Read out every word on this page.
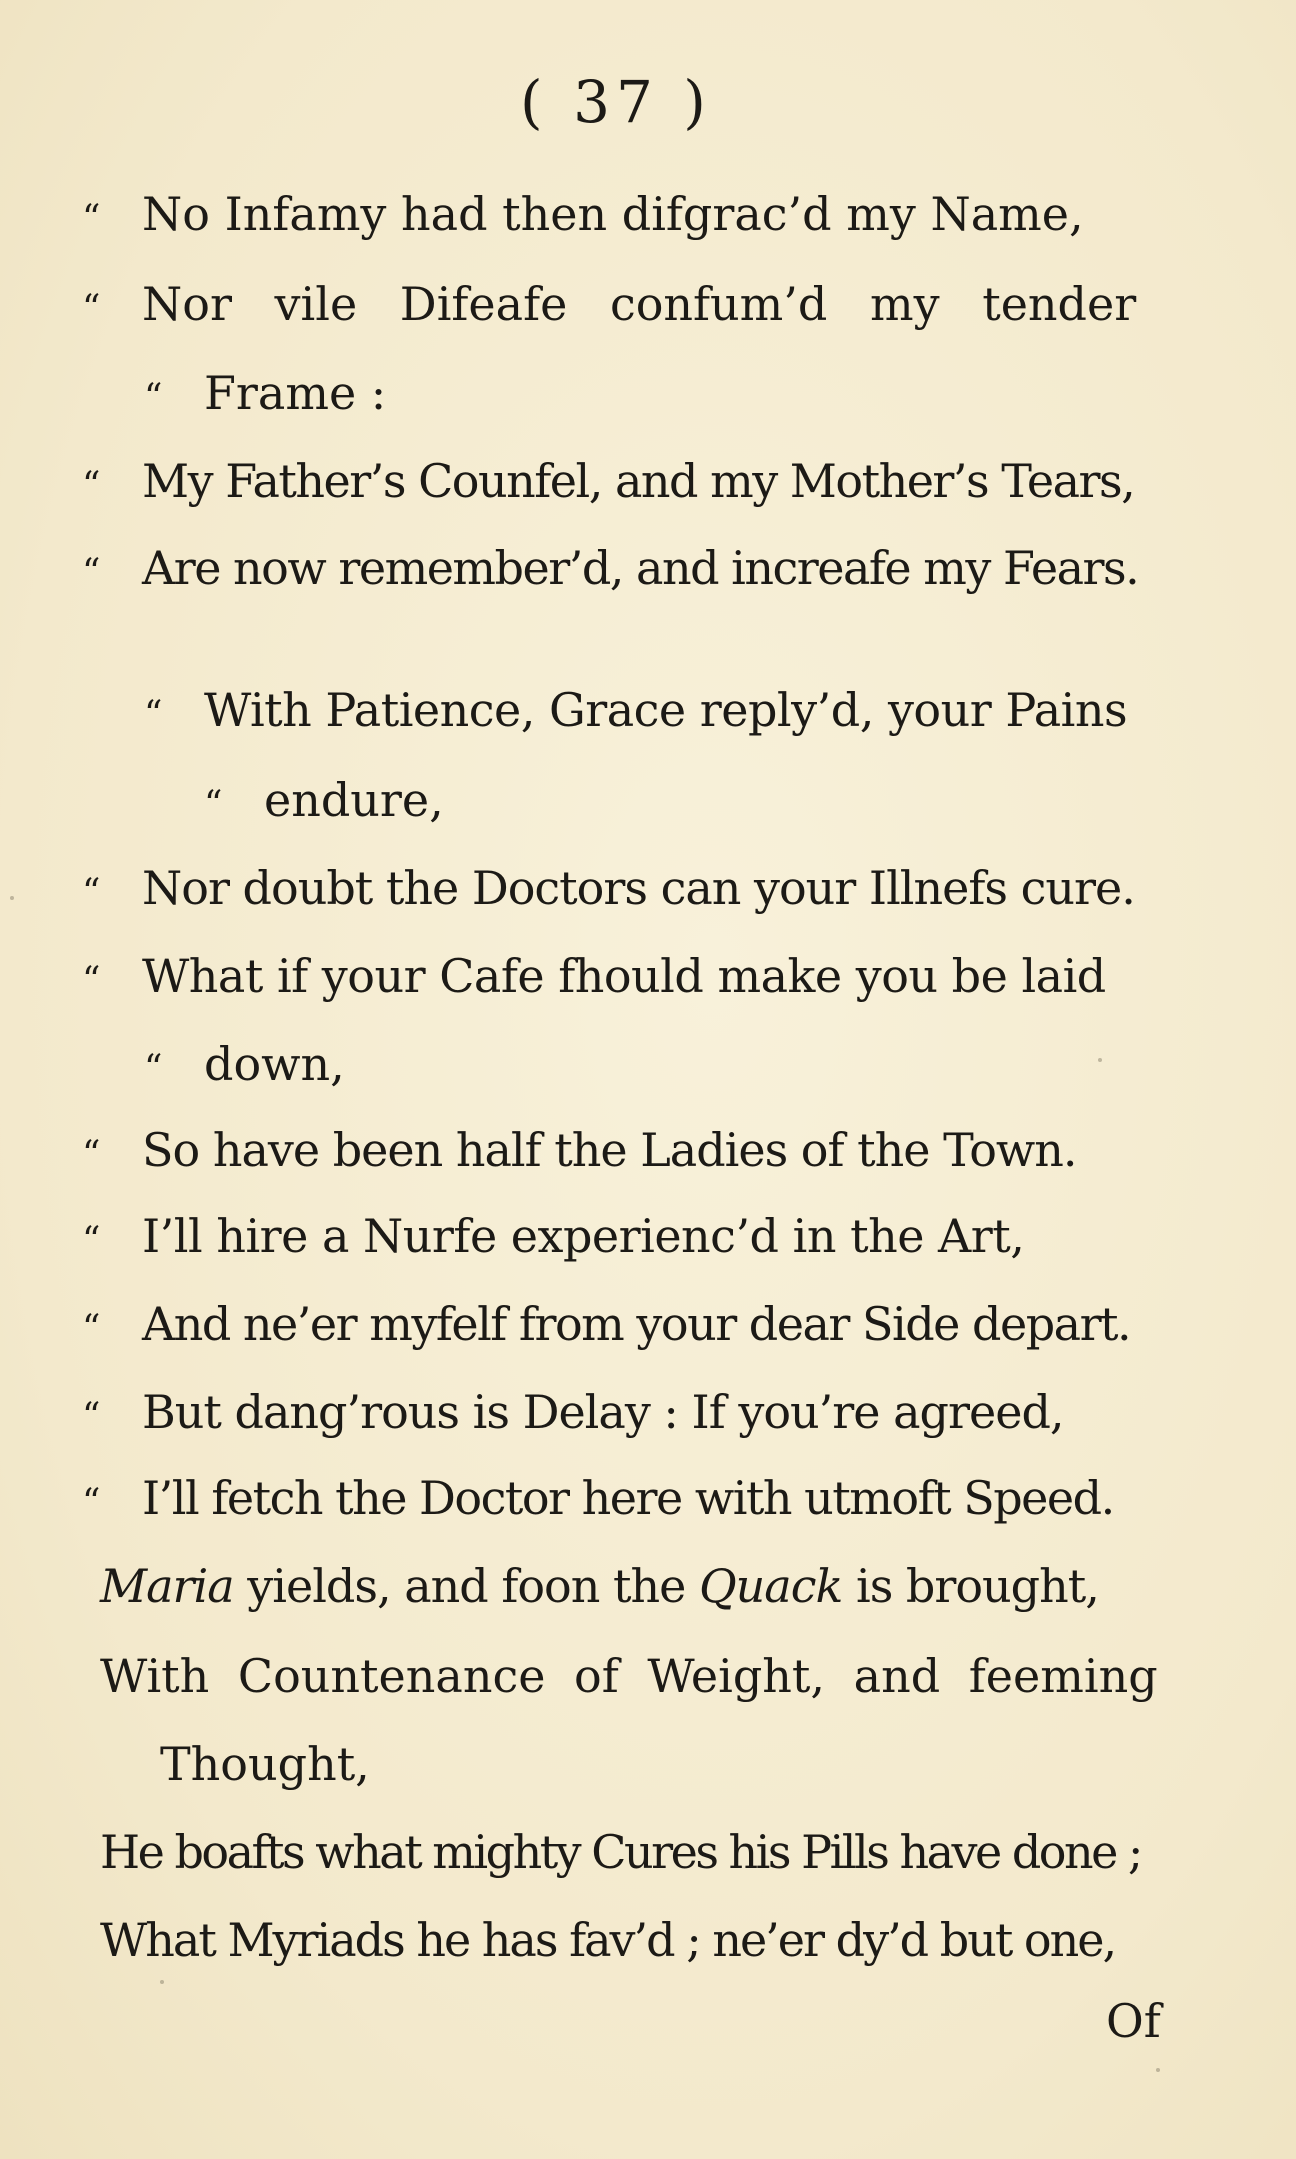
( 37 )
“ No Infamy had then difgrac’d my Name,
“ Nor vile Difeafe confum’d my tender
“ Frame :
“ My Father’s Counfel, and my Mother’s Tears,
“ Are now remember’d, and increafe my Fears.
“ With Patience, Grace reply’d, your Pains
“ endure,
“ Nor doubt the Doctors can your Illnefs cure.
“ What if your Cafe fhould make you be laid
“ down,
“ So have been half the Ladies of the Town.
“ I’ll hire a Nurfe experienc’d in the Art,
“ And ne’er myfelf from your dear Side depart.
“ But dang’rous is Delay : If you’re agreed,
“ I’ll fetch the Doctor here with utmoft Speed.
Maria yields, and foon the Quack is brought,
With Countenance of Weight, and feeming
Thought,
He boafts what mighty Cures his Pills have done ;
What Myriads he has fav’d ; ne’er dy’d but one,
Of
